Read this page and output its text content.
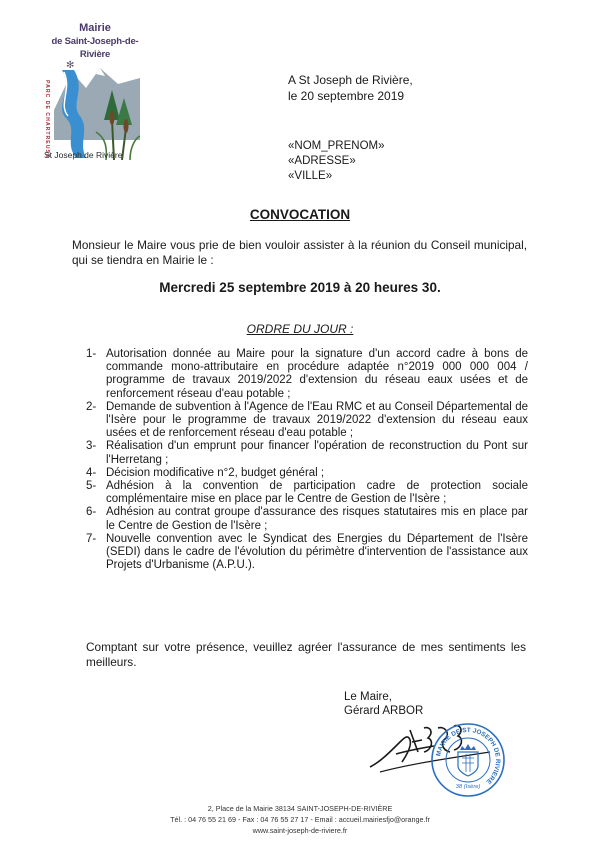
Mairie
de Saint-Joseph-de-Rivière
✻
PARC DE CHARTREUSE
St Joseph de Rivière
A St Joseph de Rivière,
le 20 septembre 2019
«NOM_PRENOM»
«ADRESSE»
«VILLE»
CONVOCATION
Monsieur le Maire vous prie de bien vouloir assister à la réunion du Conseil municipal, qui se tiendra en Mairie le :
Mercredi 25 septembre 2019 à 20 heures 30.
ORDRE DU JOUR :
1- Autorisation donnée au Maire pour la signature d'un accord cadre à bons de commande mono-attributaire en procédure adaptée n°2019 000 000 004 / programme de travaux 2019/2022 d'extension du réseau eaux usées et de renforcement réseau d'eau potable ;
2- Demande de subvention à l'Agence de l'Eau RMC et au Conseil Départemental de l'Isère pour le programme de travaux 2019/2022 d'extension du réseau eaux usées et de renforcement réseau d'eau potable ;
3- Réalisation d'un emprunt pour financer l'opération de reconstruction du Pont sur l'Herretang ;
4- Décision modificative n°2, budget général ;
5- Adhésion à la convention de participation cadre de protection sociale complémentaire mise en place par le Centre de Gestion de l'Isère ;
6- Adhésion au contrat groupe d'assurance des risques statutaires mis en place par le Centre de Gestion de l'Isère ;
7- Nouvelle convention avec le Syndicat des Energies du Département de l'Isère (SEDI) dans le cadre de l'évolution du périmètre d'intervention de l'assistance aux Projets d'Urbanisme (A.P.U.).
Comptant sur votre présence, veuillez agréer l'assurance de mes sentiments les meilleurs.
Le Maire,
Gérard ARBOR
MAIRIE DE ST JOSEPH DE RIVIERE
38 (Isère)
2, Place de la Mairie 38134 SAINT-JOSEPH-DE-RIVIÈRE
Tél. : 04 76 55 21 69 - Fax : 04 76 55 27 17 - Email : accueil.mairiesfjo@orange.fr
www.saint-joseph-de-riviere.fr
